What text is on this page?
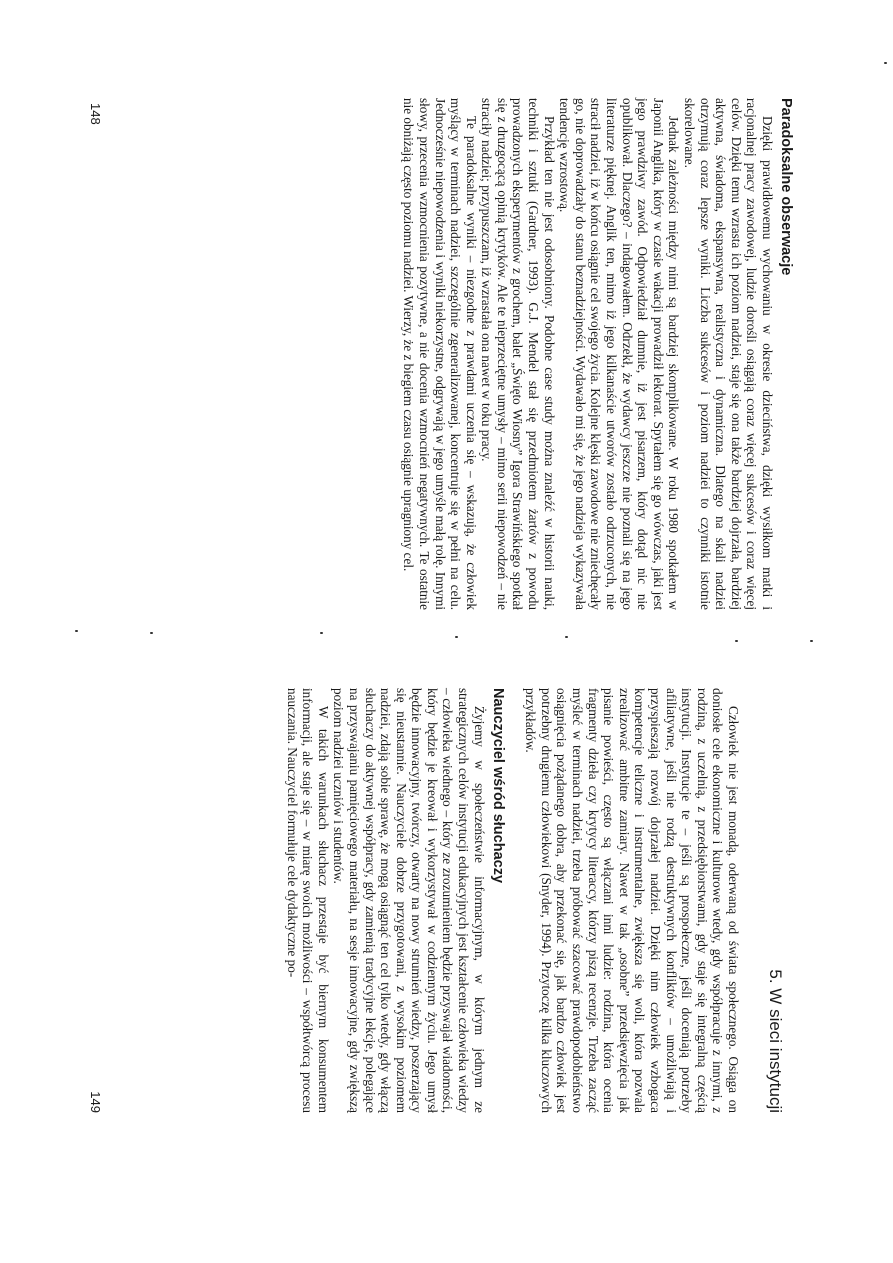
Paradoksalne obserwacje

Dzięki prawidłowemu wychowaniu w okresie dzieciństwa, dzięki wysiłkom matki i racjonalnej pracy zawodowej, ludzie dorośli osiągają coraz więcej sukcesów i coraz więcej celów. Dzięki temu wzrasta ich poziom nadziei, staje się ona także bardziej dojrzała, bardziej aktywna, świadoma, ekspansywna, realistyczna i dynamiczna. Dlatego na skali nadziei otrzymują coraz lepsze wyniki. Liczba sukcesów i poziom nadziei to czynniki istotnie skorelowane.

Jednak zależności między nimi są bardziej skomplikowane. W roku 1980 spotkałem w Japonii Anglika, który w czasie wakacji prowadził lektorat. Spytałem się go wówczas, jaki jest jego prawdziwy zawód. Odpowiedział dumnie, iż jest pisarzem, który dotąd nic nie opublikował. Dlaczego? – indagowałem. Odrzekł, że wydawcy jeszcze nie poznali się na jego literaturze pięknej. Anglik ten, mimo iż jego kilkanaście utworów zostało odrzuconych, nie stracił nadziei, iż w końcu osiągnie cel swojego życia. Kolejne klęski zawodowe nie zniechęcały go, nie doprowadzały do stanu beznadziejności. Wydawało mi się, że jego nadzieja wykazywała tendencję wzrostową.

Przykład ten nie jest odosobniony. Podobne case study można znaleźć w historii nauki, techniki i sztuki (Gardner, 1993). G.J. Mendel stał się przedmiotem żartów z powodu prowadzonych eksperymentów z grochem, balet „Święto Wiosny” Igora Strawińskiego spotkał się z druzgocącą opinią krytyków. Ale te nieprzeciętne umysły – mimo serii niepowodzeń – nie straciły nadziei; przypuszczam, iż wzrastała ona nawet w toku pracy.

Te paradoksalne wyniki – niezgodne z prawdami uczenia się – wskazują, że człowiek myślący w terminach nadziei, szczególnie zgeneralizowanej, koncentruje się w pełni na celu. Jednocześnie niepowodzenia i wyniki niekorzystne, odgrywają w jego umyśle małą rolę. Innymi słowy, przecenia wzmocnienia pozytywne, a nie docenia wzmocnień negatywnych. Te ostatnie nie obniżają często poziomu nadziei. Wierzy, że z biegiem czasu osiągnie upragniony cel.

148
5. W sieci instytucji

Człowiek nie jest monadą, oderwaną od świata społecznego. Osiąga on doniosłe cele ekonomiczne i kulturowe wtedy, gdy współpracuje z innymi, z rodziną, z uczelnią, z przedsiębiorstwami, gdy staje się integralną częścią instytucji. Instytucje te – jeśli są prospołeczne, jeśli doceniają potrzeby afiliatywne, jeśli nie rodzą destruktywnych konfliktów – umożliwiają i przyspieszają rozwój dojrzałej nadziei. Dzięki nim człowiek wzbogaca kompetencje teliczne i instrumentalne, zwiększa się woli, która pozwala zrealizować ambitne zamiary. Nawet w tak „osobne” przedsięwzięcia jak pisanie powieści, często są włączani inni ludzie: rodzina, która ocenia fragmenty dzieła czy krytycy literaccy, którzy piszą recenzje. Trzeba zacząć myśleć w terminach nadziei, trzeba próbować szacować prawdopodobieństwo osiągnięcia pożądanego dobra, aby przekonać się, jak bardzo człowiek jest potrzebny drugiemu człowiekowi (Snyder, 1994). Przytoczę kilka kluczowych przykładów.

Nauczyciel wśród słuchaczy

Żyjemy w społeczeństwie informacyjnym, w którym jednym ze strategicznych celów instytucji edukacyjnych jest kształcenie człowieka wiedzy – człowieka wiednego – który ze zrozumieniem będzie przyswajał wiadomości, który będzie je kreował i wykorzystywał w codziennym życiu. Jego umysł będzie innowacyjny, twórczy, otwarty na nowy strumień wiedzy, poszerzający się nieustannie. Nauczyciele dobrze przygotowani, z wysokim poziomem nadziei, zdają sobie sprawę, że mogą osiągnąć ten cel tylko wtedy, gdy włączą słuchaczy do aktywnej współpracy, gdy zamienią tradycyjne lekcje, polegające na przyswajaniu pamięciowego materiału, na sesje innowacyjne, gdy zwiększą poziom nadziei uczniów i studentów.

W takich warunkach słuchacz przestaje być biernym konsumentem informacji, ale staje się – w miarę swoich możliwości – współtwórcą procesu nauczania. Nauczyciel formułuje cele dydaktyczne po-

149
